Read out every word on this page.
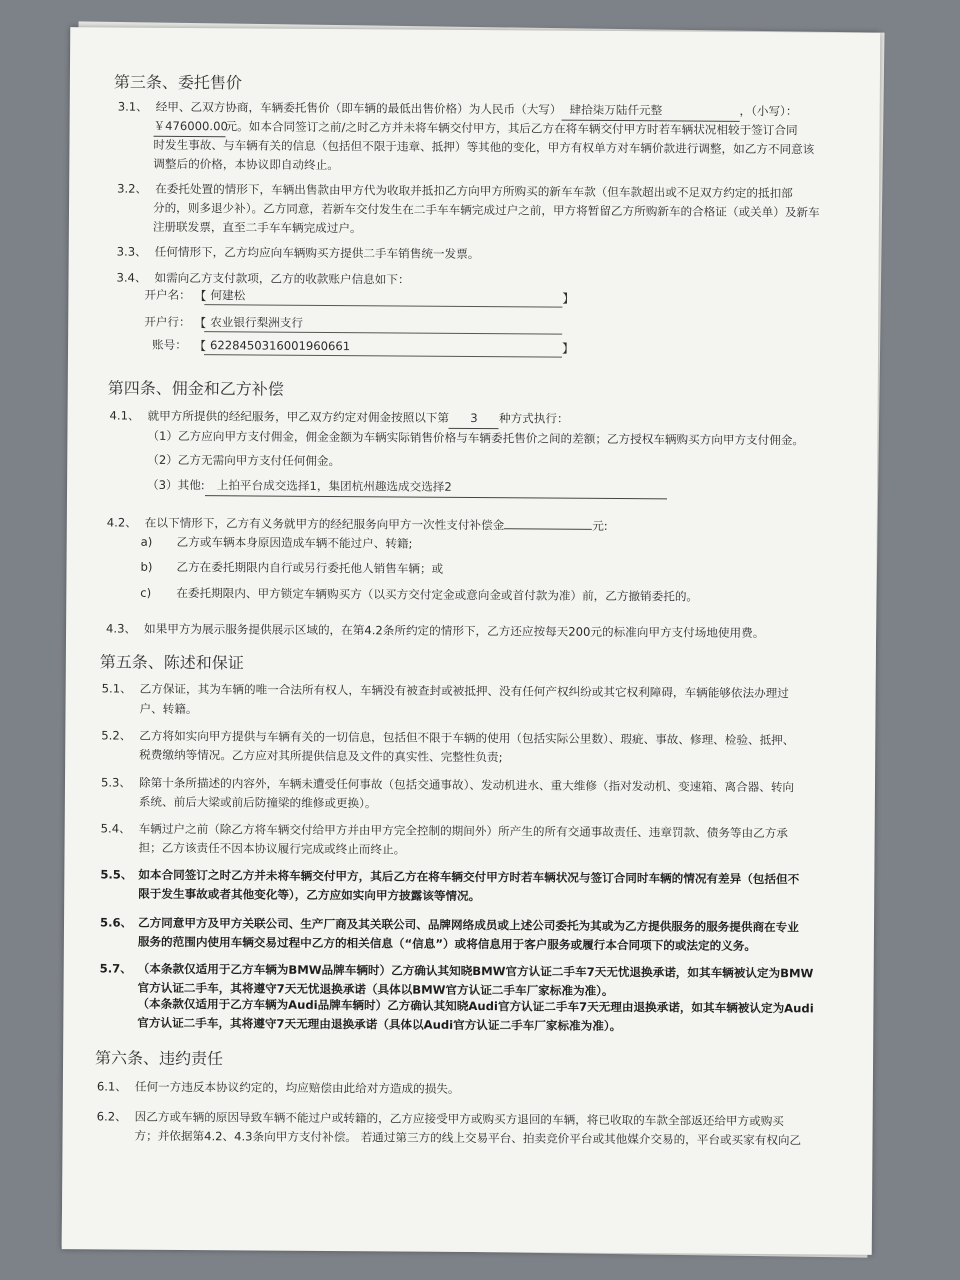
第三条、委托售价
3.1、 经甲、乙双方协商，车辆委托售价（即车辆的最低出售价格）为人民币（大写） 肆拾柒万陆仟元整	，（小写）：
￥476000.00元。如本合同签订之前/之时乙方并未将车辆交付甲方，其后乙方在将车辆交付甲方时若车辆状况相较于签订合同
时发生事故、与车辆有关的信息（包括但不限于违章、抵押）等其他的变化，甲方有权单方对车辆价款进行调整，如乙方不同意该
调整后的价格，本协议即自动终止。
3.2、 在委托处置的情形下，车辆出售款由甲方代为收取并抵扣乙方向甲方所购买的新车车款（但车款超出或不足双方约定的抵扣部
分的，则多退少补）。乙方同意，若新车交付发生在二手车车辆完成过户之前，甲方将暂留乙方所购新车的合格证（或关单）及新车
注册联发票，直至二手车车辆完成过户。
3.3、 任何情形下，乙方均应向车辆购买方提供二手车销售统一发票。
3.4、 如需向乙方支付款项，乙方的收款账户信息如下：
开户名： 【 何建松	】
开户行： 【 农业银行梨洲支行
账号： 【 6228450316001960661	】
第四条、佣金和乙方补偿
4.1、 就甲方所提供的经纪服务，甲乙双方约定对佣金按照以下第 3 种方式执行：
（1）乙方应向甲方支付佣金，佣金金额为车辆实际销售价格与车辆委托售价之间的差额；乙方授权车辆购买方向甲方支付佣金。
（2）乙方无需向甲方支付任何佣金。
（3）其他: 上拍平台成交选择1，集团杭州趣选成交选择2
4.2、 在以下情形下，乙方有义务就甲方的经纪服务向甲方一次性支付补偿金	元:
a) 乙方或车辆本身原因造成车辆不能过户、转籍;
b) 乙方在委托期限内自行或另行委托他人销售车辆；或
c) 在委托期限内、甲方锁定车辆购买方（以买方交付定金或意向金或首付款为准）前，乙方撤销委托的。
4.3、 如果甲方为展示服务提供展示区域的，在第4.2条所约定的情形下，乙方还应按每天200元的标准向甲方支付场地使用费。
第五条、陈述和保证
5.1、 乙方保证，其为车辆的唯一合法所有权人，车辆没有被查封或被抵押、没有任何产权纠纷或其它权利障碍，车辆能够依法办理过
户、转籍。
5.2、 乙方将如实向甲方提供与车辆有关的一切信息，包括但不限于车辆的使用（包括实际公里数）、瑕疵、事故、修理、检验、抵押、
税费缴纳等情况。乙方应对其所提供信息及文件的真实性、完整性负责;
5.3、 除第十条所描述的内容外，车辆未遭受任何事故（包括交通事故）、发动机进水、重大维修（指对发动机、变速箱、离合器、转向
系统、前后大梁或前后防撞梁的维修或更换）。
5.4、 车辆过户之前（除乙方将车辆交付给甲方并由甲方完全控制的期间外）所产生的所有交通事故责任、违章罚款、债务等由乙方承
担；乙方该责任不因本协议履行完成或终止而终止。
5.5、 如本合同签订之时乙方并未将车辆交付甲方，其后乙方在将车辆交付甲方时若车辆状况与签订合同时车辆的情况有差异（包括但不
限于发生事故或者其他变化等），乙方应如实向甲方披露该等情况。
5.6、 乙方同意甲方及甲方关联公司、生产厂商及其关联公司、品牌网络成员或上述公司委托为其或为乙方提供服务的服务提供商在专业
服务的范围内使用车辆交易过程中乙方的相关信息（“信息”）或将信息用于客户服务或履行本合同项下的或法定的义务。
5.7、 （本条款仅适用于乙方车辆为BMW品牌车辆时）乙方确认其知晓BMW官方认证二手车7天无忧退换承诺，如其车辆被认定为BMW
官方认证二手车，其将遵守7天无忧退换承诺（具体以BMW官方认证二手车厂家标准为准）。
（本条款仅适用于乙方车辆为Audi品牌车辆时）乙方确认其知晓Audi官方认证二手车7天无理由退换承诺，如其车辆被认定为Audi
官方认证二手车，其将遵守7天无理由退换承诺（具体以Audi官方认证二手车厂家标准为准）。
第六条、违约责任
6.1、 任何一方违反本协议约定的，均应赔偿由此给对方造成的损失。
6.2、 因乙方或车辆的原因导致车辆不能过户或转籍的，乙方应接受甲方或购买方退回的车辆，将已收取的车款全部返还给甲方或购买
方；并依据第4.2、4.3条向甲方支付补偿。 若通过第三方的线上交易平台、拍卖竞价平台或其他媒介交易的，平台或买家有权向乙
